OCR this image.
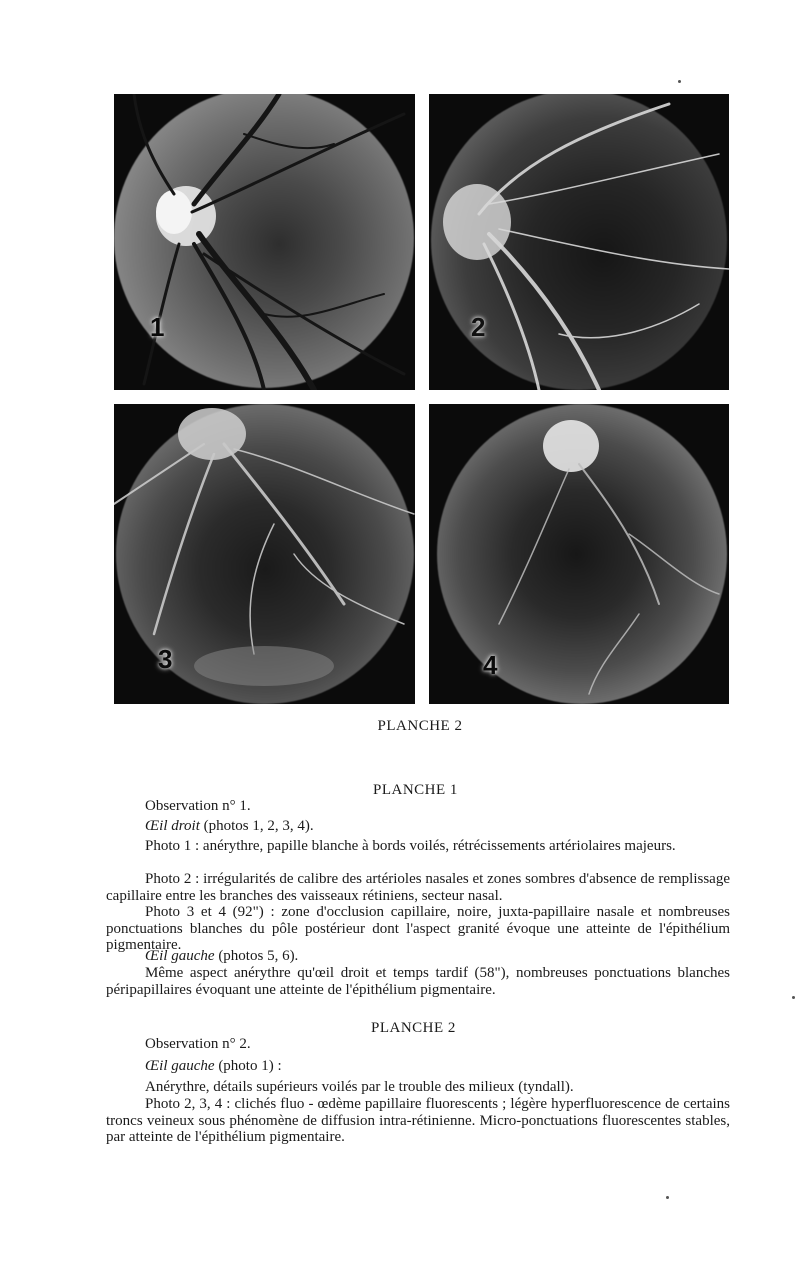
1	2
3	4
PLANCHE 2
PLANCHE 1
Observation n° 1.
Œil droit (photos 1, 2, 3, 4).
Photo 1 : anérythre, papille blanche à bords voilés, rétrécissements artériolaires majeurs.
Photo 2 : irrégularités de calibre des artérioles nasales et zones sombres d'absence de remplissage capillaire entre les branches des vaisseaux rétiniens, secteur nasal.
Photo 3 et 4 (92") : zone d'occlusion capillaire, noire, juxta-papillaire nasale et nombreuses ponctuations blanches du pôle postérieur dont l'aspect granité évoque une atteinte de l'épithélium pigmentaire.
Œil gauche (photos 5, 6).
Même aspect anérythre qu'œil droit et temps tardif (58"), nombreuses ponctuations blanches péripapillaires évoquant une atteinte de l'épithélium pigmentaire.
PLANCHE 2
Observation n° 2.
Œil gauche (photo 1) :
Anérythre, détails supérieurs voilés par le trouble des milieux (tyndall).
Photo 2, 3, 4 : clichés fluo - œdème papillaire fluorescents ; légère hyperfluorescence de certains troncs veineux sous phénomène de diffusion intra-rétinienne. Micro-ponctuations fluorescentes stables, par atteinte de l'épithélium pigmentaire.
